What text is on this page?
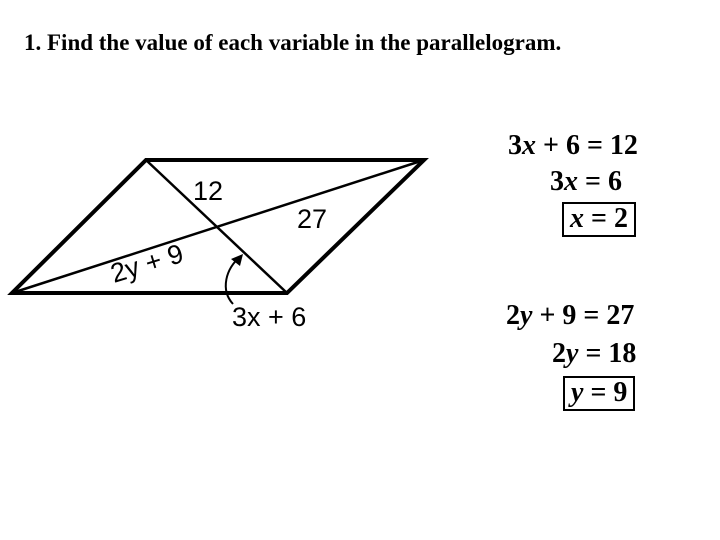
1. Find the value of each variable in the parallelogram.
12
27
2y + 9
3x + 6
3x + 6 = 12
3x = 6
x = 2
2y + 9 = 27
2y = 18
y = 9
